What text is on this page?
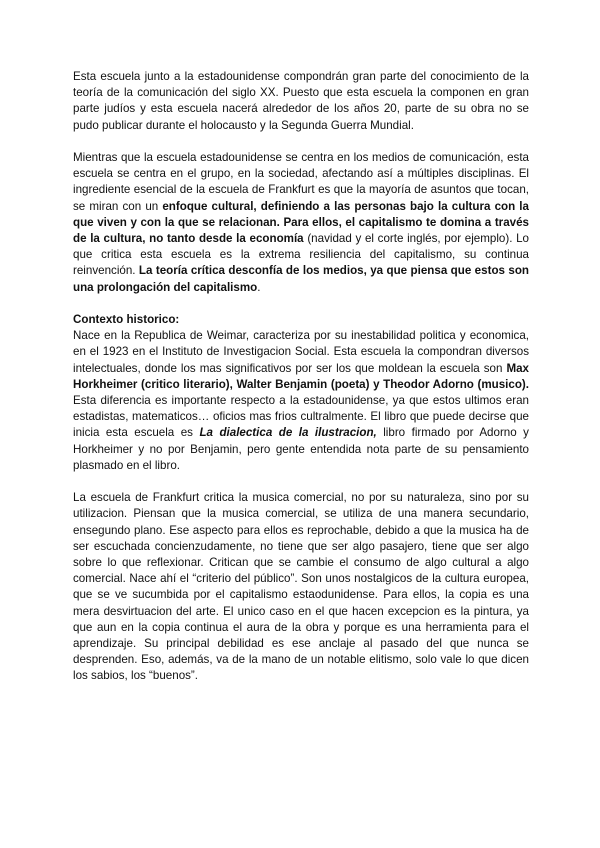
Esta escuela junto a la estadounidense compondrán gran parte del conocimiento de la teoría de la comunicación del siglo XX. Puesto que esta escuela la componen en gran parte judíos y esta escuela nacerá alrededor de los años 20, parte de su obra no se pudo publicar durante el holocausto y la Segunda Guerra Mundial.

Mientras que la escuela estadounidense se centra en los medios de comunicación, esta escuela se centra en el grupo, en la sociedad, afectando así a múltiples disciplinas. El ingrediente esencial de la escuela de Frankfurt es que la mayoría de asuntos que tocan, se miran con un enfoque cultural, definiendo a las personas bajo la cultura con la que viven y con la que se relacionan. Para ellos, el capitalismo te domina a través de la cultura, no tanto desde la economía (navidad y el corte inglés, por ejemplo). Lo que critica esta escuela es la extrema resiliencia del capitalismo, su continua reinvención. La teoría crítica desconfía de los medios, ya que piensa que estos son una prolongación del capitalismo.

Contexto historico:

Nace en la Republica de Weimar, caracteriza por su inestabilidad politica y economica, en el 1923 en el Instituto de Investigacion Social. Esta escuela la compondran diversos intelectuales, donde los mas significativos por ser los que moldean la escuela son Max Horkheimer (critico literario), Walter Benjamin (poeta) y Theodor Adorno (musico). Esta diferencia es importante respecto a la estadounidense, ya que estos ultimos eran estadistas, matematicos… oficios mas frios cultralmente. El libro que puede decirse que inicia esta escuela es La dialectica de la ilustracion, libro firmado por Adorno y Horkheimer y no por Benjamin, pero gente entendida nota parte de su pensamiento plasmado en el libro.

La escuela de Frankfurt critica la musica comercial, no por su naturaleza, sino por su utilizacion. Piensan que la musica comercial, se utiliza de una manera secundario, ensegundo plano. Ese aspecto para ellos es reprochable, debido a que la musica ha de ser escuchada concienzudamente, no tiene que ser algo pasajero, tiene que ser algo sobre lo que reflexionar. Critican que se cambie el consumo de algo cultural a algo comercial. Nace ahí el “criterio del público”. Son unos nostalgicos de la cultura europea, que se ve sucumbida por el capitalismo estaodunidense. Para ellos, la copia es una mera desvirtuacion del arte. El unico caso en el que hacen excepcion es la pintura, ya que aun en la copia continua el aura de la obra y porque es una herramienta para el aprendizaje. Su principal debilidad es ese anclaje al pasado del que nunca se desprenden. Eso, además, va de la mano de un notable elitismo, solo vale lo que dicen los sabios, los “buenos”.
